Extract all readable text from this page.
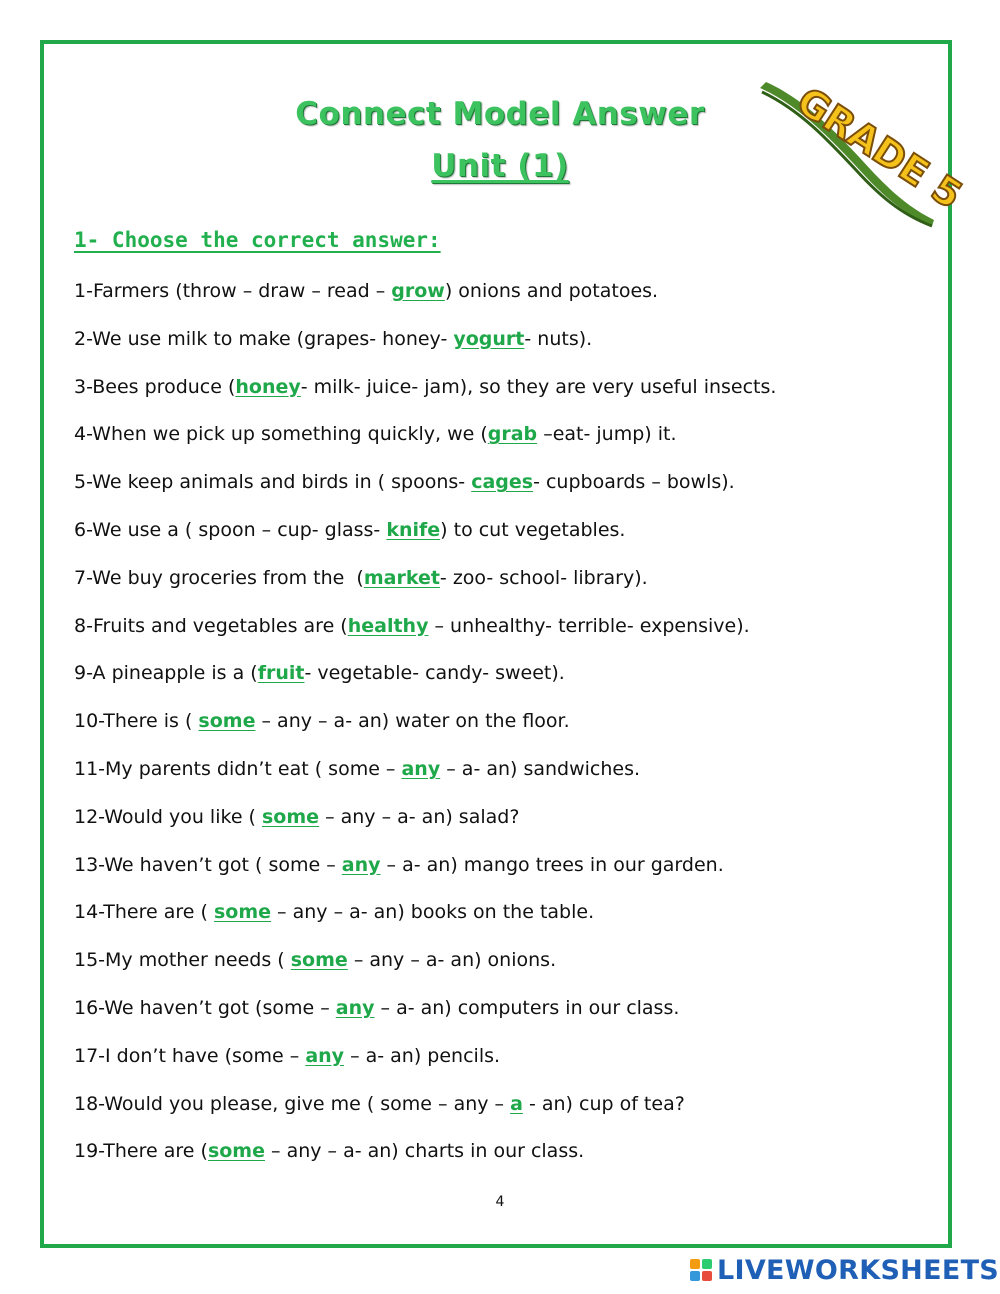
Connect Model Answer
Unit (1)	GRADE 5
1- Choose the correct answer:
1-Farmers (throw – draw – read – grow) onions and potatoes.
2-We use milk to make (grapes- honey- yogurt- nuts).
3-Bees produce (honey- milk- juice- jam), so they are very useful insects.
4-When we pick up something quickly, we (grab –eat- jump) it.
5-We keep animals and birds in ( spoons- cages- cupboards – bowls).
6-We use a ( spoon – cup- glass- knife) to cut vegetables.
7-We buy groceries from the  (market- zoo- school- library).
8-Fruits and vegetables are (healthy – unhealthy- terrible- expensive).
9-A pineapple is a (fruit- vegetable- candy- sweet).
10-There is ( some – any – a- an) water on the floor.
11-My parents didn’t eat ( some – any – a- an) sandwiches.
12-Would you like ( some – any – a- an) salad?
13-We haven’t got ( some – any – a- an) mango trees in our garden.
14-There are ( some – any – a- an) books on the table.
15-My mother needs ( some – any – a- an) onions.
16-We haven’t got (some – any – a- an) computers in our class.
17-I don’t have (some – any – a- an) pencils.
18-Would you please, give me ( some – any – a - an) cup of tea?
19-There are (some – any – a- an) charts in our class.
4
LIVEWORKSHEETS
